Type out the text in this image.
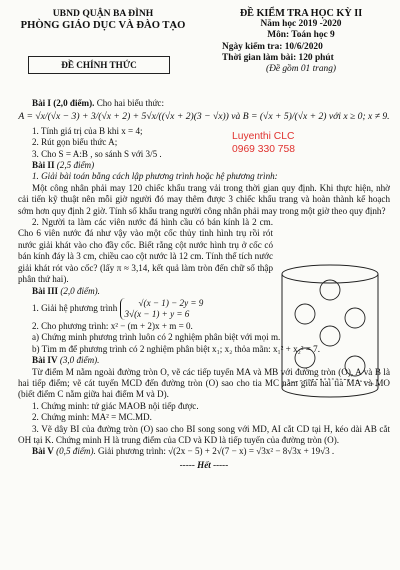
UBND QUẬN BA ĐÌNH
PHÒNG GIÁO DỤC VÀ ĐÀO TẠO
ĐỀ CHÍNH THỨC
ĐỀ KIỂM TRA HỌC KỲ II
Năm học 2019 -2020
Môn: Toán học 9
Ngày kiểm tra: 10/6/2020
Thời gian làm bài: 120 phút
(Đề gồm 01 trang)
Luyenthi CLC
0969 330 758

Bài I (2,0 điểm). Cho hai biểu thức:

A = √x/(√x − 3) + 3/(√x + 2) + 5√x/((√x + 2)(3 − √x)) và B = (√x + 5)/(√x + 2) với x ≥ 0; x ≠ 9.

1. Tính giá trị của B khi x = 4;

2. Rút gọn biểu thức A;

3. Cho S = A:B , so sánh S với 3/5 .

Bài II (2,5 điểm)

1. Giải bài toán bằng cách lập phương trình hoặc hệ phương trình:

Một công nhân phải may 120 chiếc khẩu trang vải trong thời gian quy định. Khi thực hiện, nhờ cải tiến kỹ thuật nên mỗi giờ người đó may thêm được 3 chiếc khẩu trang và hoàn thành kế hoạch sớm hơn quy định 2 giờ. Tính số khẩu trang người công nhân phải may trong một giờ theo quy định?

2. Người ta làm các viên nước đá hình cầu có bán kính là 2 cm. Cho 6 viên nước đá như vậy vào một cốc thủy tinh hình trụ rồi rót nước giải khát vào cho đầy cốc. Biết rằng cột nước hình trụ ở cốc có bán kính đáy là 3 cm, chiều cao cột nước là 12 cm. Tính thể tích nước giải khát rót vào cốc? (lấy π ≈ 3,14, kết quả làm tròn đến chữ số thập phân thứ hai).

Bài III (2,0 điểm).

1. Giải hệ phương trình √(x − 1) − 2y = 9
3√(x − 1) + y = 6

2. Cho phương trình: x² − (m + 2)x + m = 0.

a) Chứng minh phương trình luôn có 2 nghiệm phân biệt với mọi m.

b) Tìm m để phương trình có 2 nghiệm phân biệt x₁; x₂ thỏa mãn: x₁² + x₂² = 7.

Bài IV (3,0 điểm).

Từ điểm M nằm ngoài đường tròn O, vẽ các tiếp tuyến MA và MB với đường tròn (O), A và B là hai tiếp điểm; vẽ cát tuyến MCD đến đường tròn (O) sao cho tia MC nằm giữa hai tia MA và MO (biết điểm C nằm giữa hai điểm M và D).

1. Chứng minh: tứ giác MAOB nội tiếp được.

2. Chứng minh: MA² = MC.MD.

3. Vẽ dây BI của đường tròn (O) sao cho BI song song với MD, AI cắt CD tại H, kéo dài AB cắt OH tại K. Chứng minh H là trung điểm của CD và KD là tiếp tuyến của đường tròn (O).

Bài V (0,5 điểm). Giải phương trình: √(2x − 5) + 2√(7 − x) = √3x² − 8√3x + 19√3 .

----- Hết -----
